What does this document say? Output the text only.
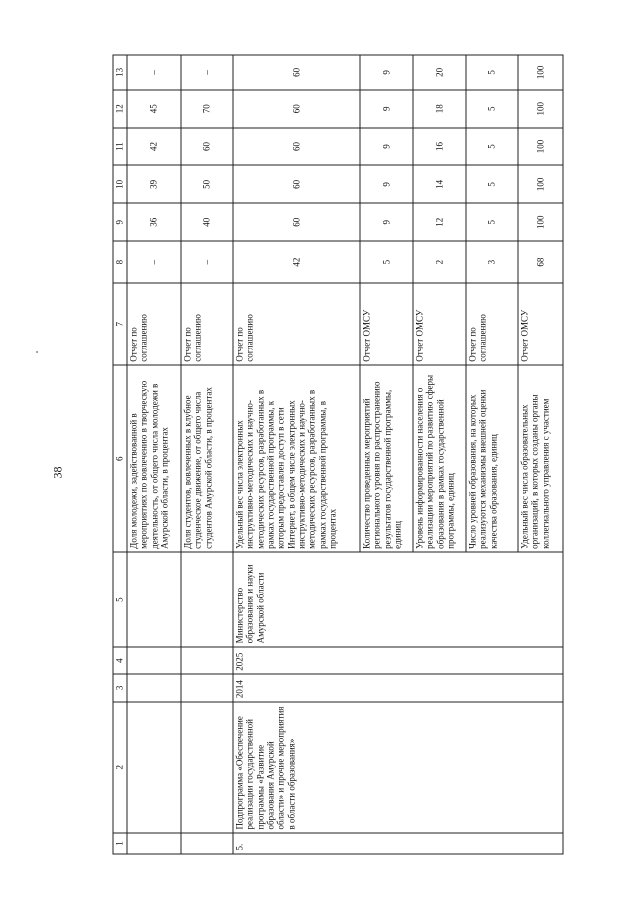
38
1	2	3	4	5	6	7	8	9	10	11	12	13
					Доля молодежи, задействованной в мероприятиях по вовлечению в творческую деятельность, от общего числа молодежи в Амурской области, в процентах	Отчет по соглашению	–	36	39	42	45	–
					Доля студентов, вовлеченных в клубное студенческое движение, от общего числа студентов Амурской области, в процентах	Отчет по соглашению	–	40	50	60	70	–
5.	Подпрограмма «Обеспечение реализации государственной программы «Развитие образования Амурской области» и прочие мероприятия в области образования»	2014	2025	Министерство образования и науки Амурской области	Удельный вес числа электронных инструктивно-методических и научно-методических ресурсов, разработанных в рамках государственной программы, к которым предоставлен доступ в сети Интернет, в общем числе электронных инструктивно-методических и научно-методических ресурсов, разработанных в рамках государственной программы, в процентах	Отчет по соглашению	42	60	60	60	60	60
					Количество проведенных мероприятий регионального уровня по распространению результатов государственной программы, единиц	Отчет ОМСУ	5	9	9	9	9	9
					Уровень информированности населения о реализации мероприятий по развитию сферы образования в рамках государственной программы, единиц	Отчет ОМСУ	2	12	14	16	18	20
					Число уровней образования, на которых реализуются механизмы внешней оценки качества образования, единиц	Отчет по соглашению	3	5	5	5	5	5
					Удельный вес числа образовательных организаций, в которых созданы органы коллегиального управления с участием	Отчет ОМСУ	68	100	100	100	100	100
